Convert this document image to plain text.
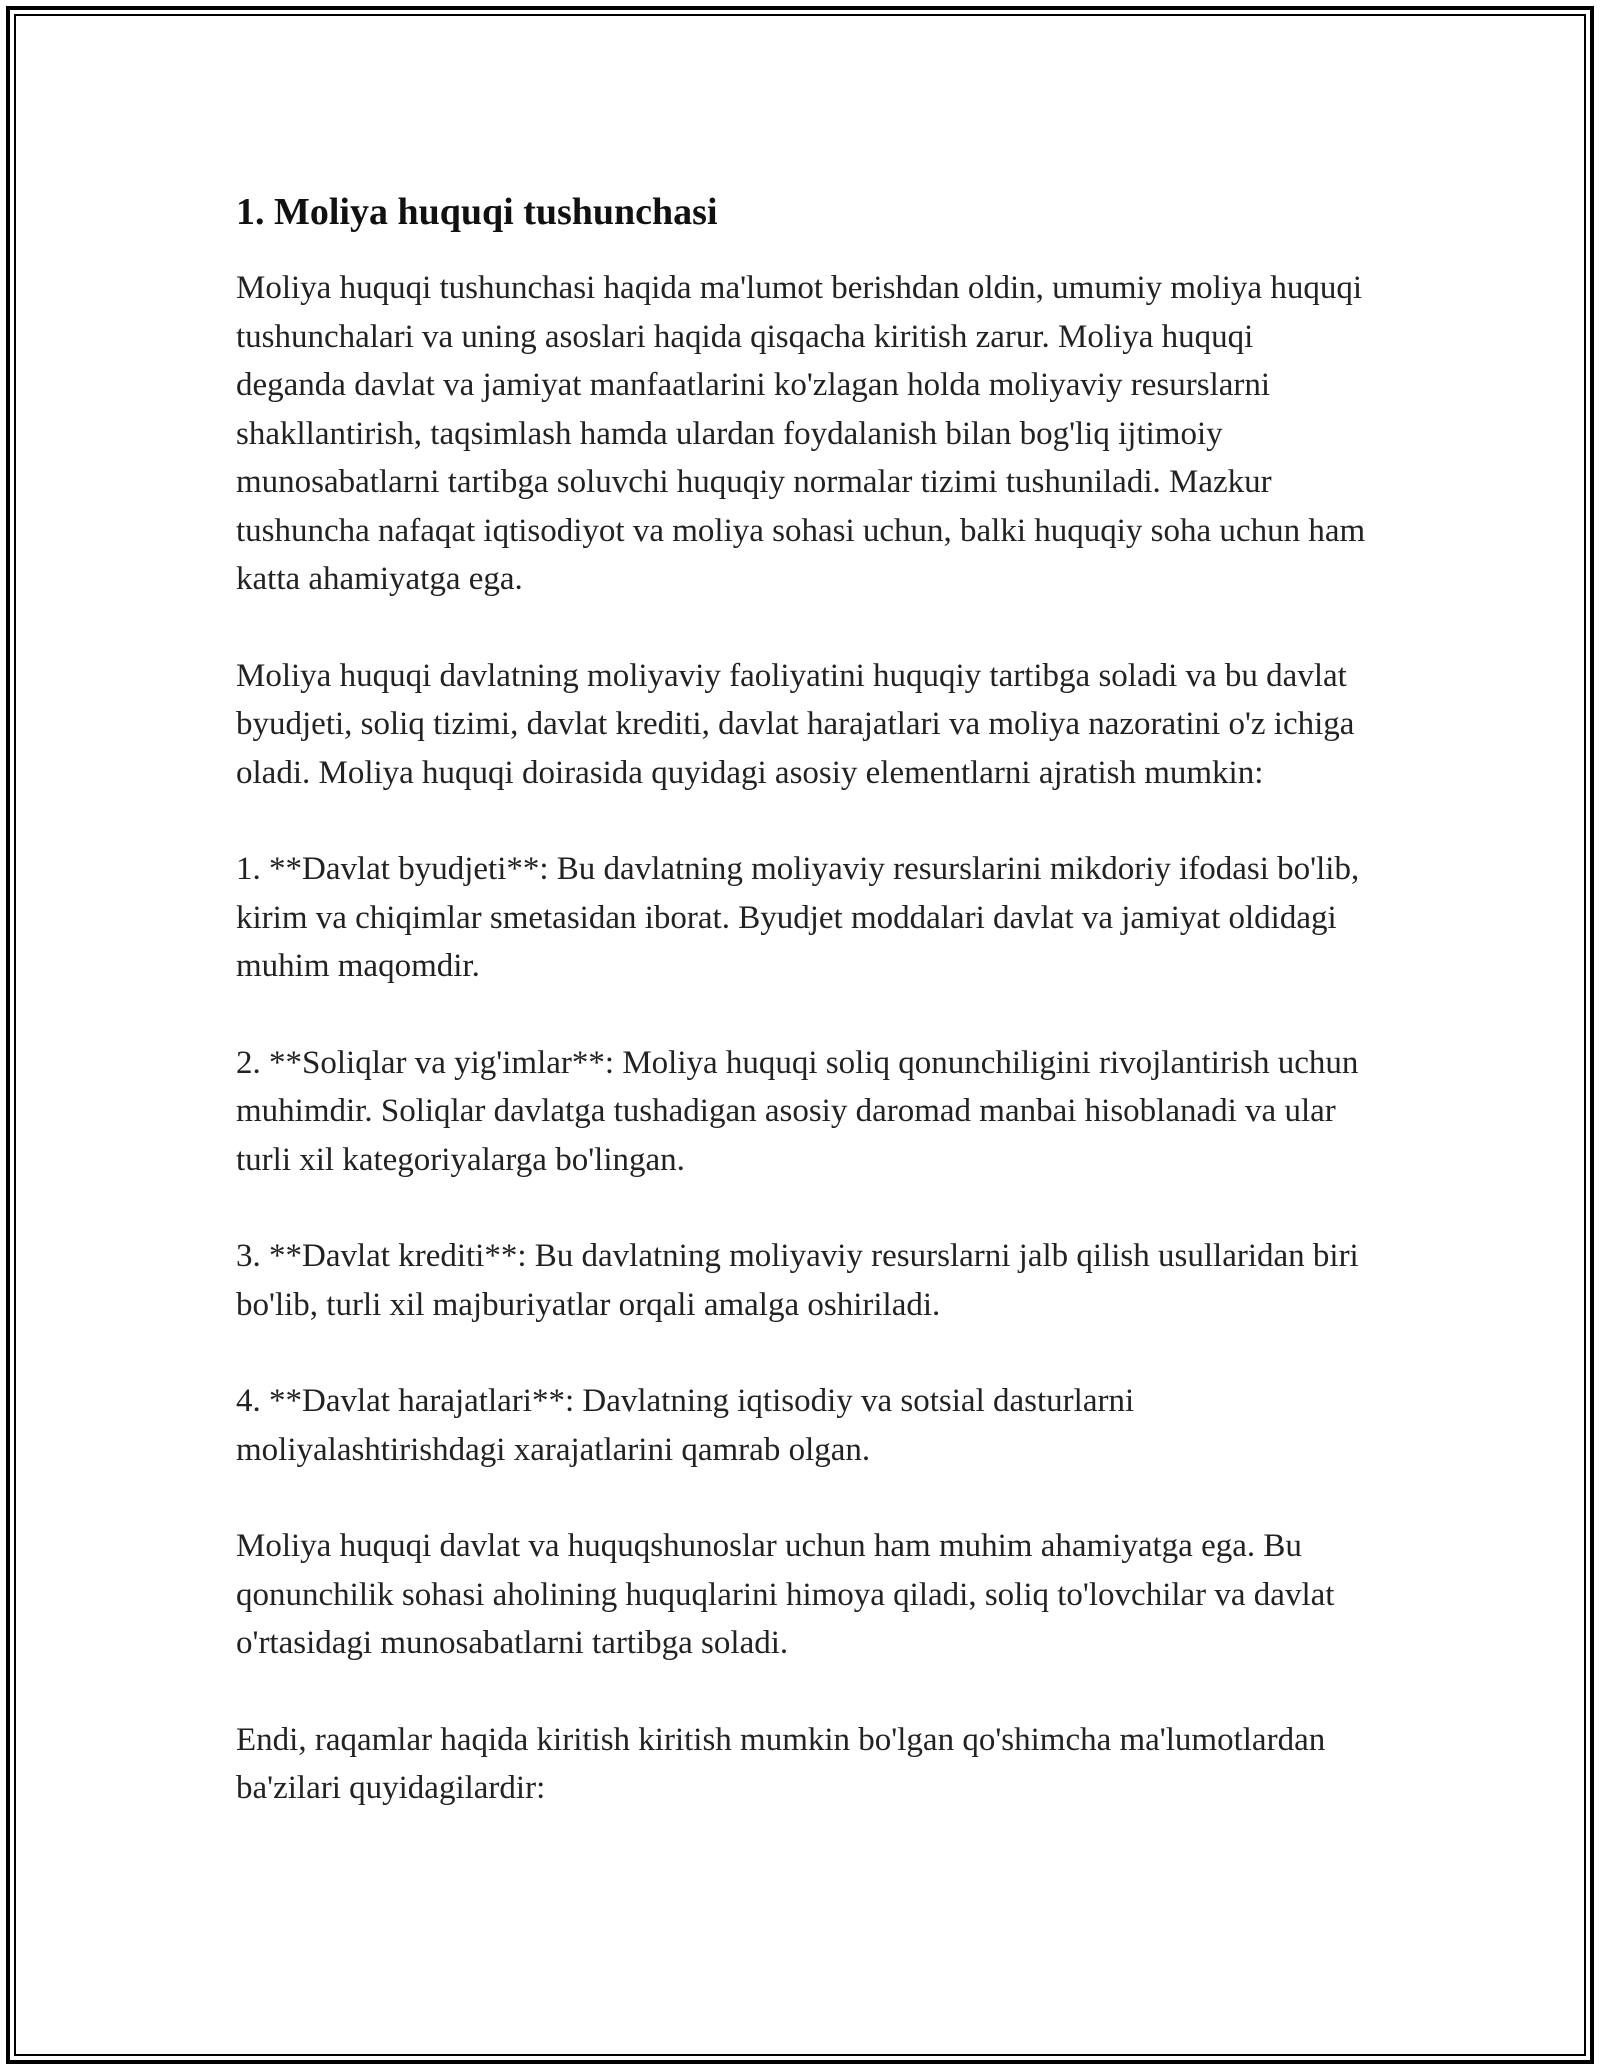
1. Moliya huquqi tushunchasi

Moliya huquqi tushunchasi haqida ma'lumot berishdan oldin, umumiy moliya huquqi tushunchalari va uning asoslari haqida qisqacha kiritish zarur. Moliya huquqi deganda davlat va jamiyat manfaatlarini ko'zlagan holda moliyaviy resurslarni shakllantirish, taqsimlash hamda ulardan foydalanish bilan bog'liq ijtimoiy munosabatlarni tartibga soluvchi huquqiy normalar tizimi tushuniladi. Mazkur tushuncha nafaqat iqtisodiyot va moliya sohasi uchun, balki huquqiy soha uchun ham katta ahamiyatga ega.

Moliya huquqi davlatning moliyaviy faoliyatini huquqiy tartibga soladi va bu davlat byudjeti, soliq tizimi, davlat krediti, davlat harajatlari va moliya nazoratini o'z ichiga oladi. Moliya huquqi doirasida quyidagi asosiy elementlarni ajratish mumkin:

1. **Davlat byudjeti**: Bu davlatning moliyaviy resurslarini mikdoriy ifodasi bo'lib, kirim va chiqimlar smetasidan iborat. Byudjet moddalari davlat va jamiyat oldidagi muhim maqomdir.

2. **Soliqlar va yig'imlar**: Moliya huquqi soliq qonunchiligini rivojlantirish uchun muhimdir. Soliqlar davlatga tushadigan asosiy daromad manbai hisoblanadi va ular turli xil kategoriyalarga bo'lingan.

3. **Davlat krediti**: Bu davlatning moliyaviy resurslarni jalb qilish usullaridan biri bo'lib, turli xil majburiyatlar orqali amalga oshiriladi.

4. **Davlat harajatlari**: Davlatning iqtisodiy va sotsial dasturlarni moliyalashtirishdagi xarajatlarini qamrab olgan.

Moliya huquqi davlat va huquqshunoslar uchun ham muhim ahamiyatga ega. Bu qonunchilik sohasi aholining huquqlarini himoya qiladi, soliq to'lovchilar va davlat o'rtasidagi munosabatlarni tartibga soladi.

Endi, raqamlar haqida kiritish kiritish mumkin bo'lgan qo'shimcha ma'lumotlardan ba'zilari quyidagilardir:
